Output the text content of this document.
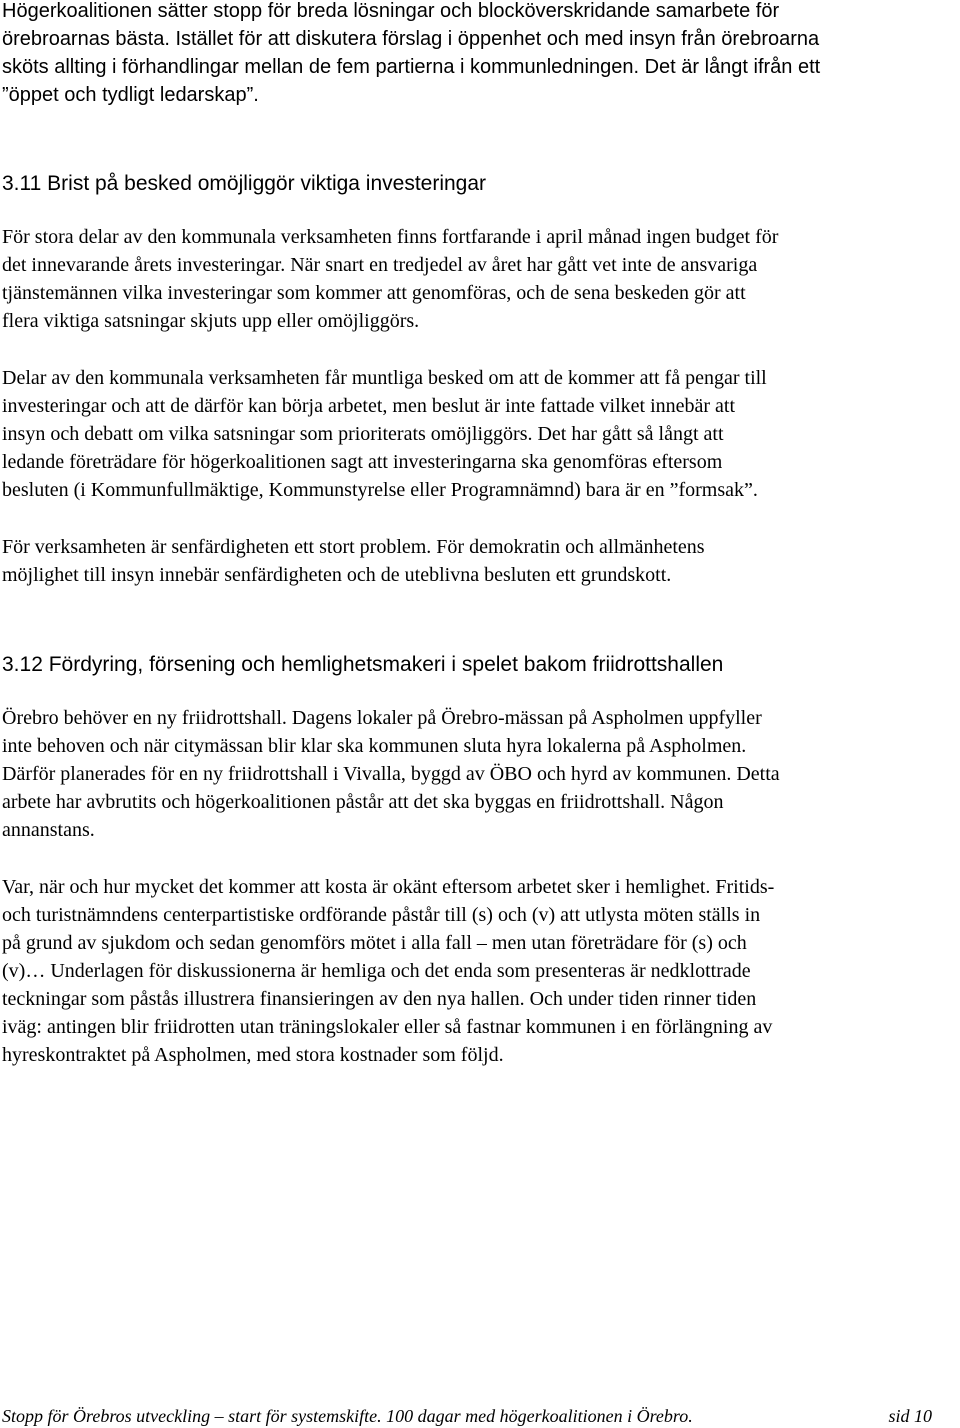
Högerkoalitionen sätter stopp för breda lösningar och blocköverskridande samarbete för
örebroarnas bästa. Istället för att diskutera förslag i öppenhet och med insyn från örebroarna
sköts allting i förhandlingar mellan de fem partierna i kommunledningen. Det är långt ifrån ett
”öppet och tydligt ledarskap”.
3.11 Brist på besked omöjliggör viktiga investeringar
För stora delar av den kommunala verksamheten finns fortfarande i april månad ingen budget för
det innevarande årets investeringar. När snart en tredjedel av året har gått vet inte de ansvariga
tjänstemännen vilka investeringar som kommer att genomföras, och de sena beskeden gör att
flera viktiga satsningar skjuts upp eller omöjliggörs.
Delar av den kommunala verksamheten får muntliga besked om att de kommer att få pengar till
investeringar och att de därför kan börja arbetet, men beslut är inte fattade vilket innebär att
insyn och debatt om vilka satsningar som prioriterats omöjliggörs. Det har gått så långt att
ledande företrädare för högerkoalitionen sagt att investeringarna ska genomföras eftersom
besluten (i Kommunfullmäktige, Kommunstyrelse eller Programnämnd) bara är en ”formsak”.
För verksamheten är senfärdigheten ett stort problem. För demokratin och allmänhetens
möjlighet till insyn innebär senfärdigheten och de uteblivna besluten ett grundskott.
3.12 Fördyring, försening och hemlighetsmakeri i spelet bakom friidrottshallen
Örebro behöver en ny friidrottshall. Dagens lokaler på Örebro-mässan på Aspholmen uppfyller
inte behoven och när citymässan blir klar ska kommunen sluta hyra lokalerna på Aspholmen.
Därför planerades för en ny friidrottshall i Vivalla, byggd av ÖBO och hyrd av kommunen. Detta
arbete har avbrutits och högerkoalitionen påstår att det ska byggas en friidrottshall. Någon
annanstans.
Var, när och hur mycket det kommer att kosta är okänt eftersom arbetet sker i hemlighet. Fritids-
och turistnämndens centerpartistiske ordförande påstår till (s) och (v) att utlysta möten ställs in
på grund av sjukdom och sedan genomförs mötet i alla fall – men utan företrädare för (s) och
(v)… Underlagen för diskussionerna är hemliga och det enda som presenteras är nedklottrade
teckningar som påstås illustrera finansieringen av den nya hallen. Och under tiden rinner tiden
iväg: antingen blir friidrotten utan träningslokaler eller så fastnar kommunen i en förlängning av
hyreskontraktet på Aspholmen, med stora kostnader som följd.
Stopp för Örebros utveckling – start för systemskifte. 100 dagar med högerkoalitionen i Örebro.	sid 10
